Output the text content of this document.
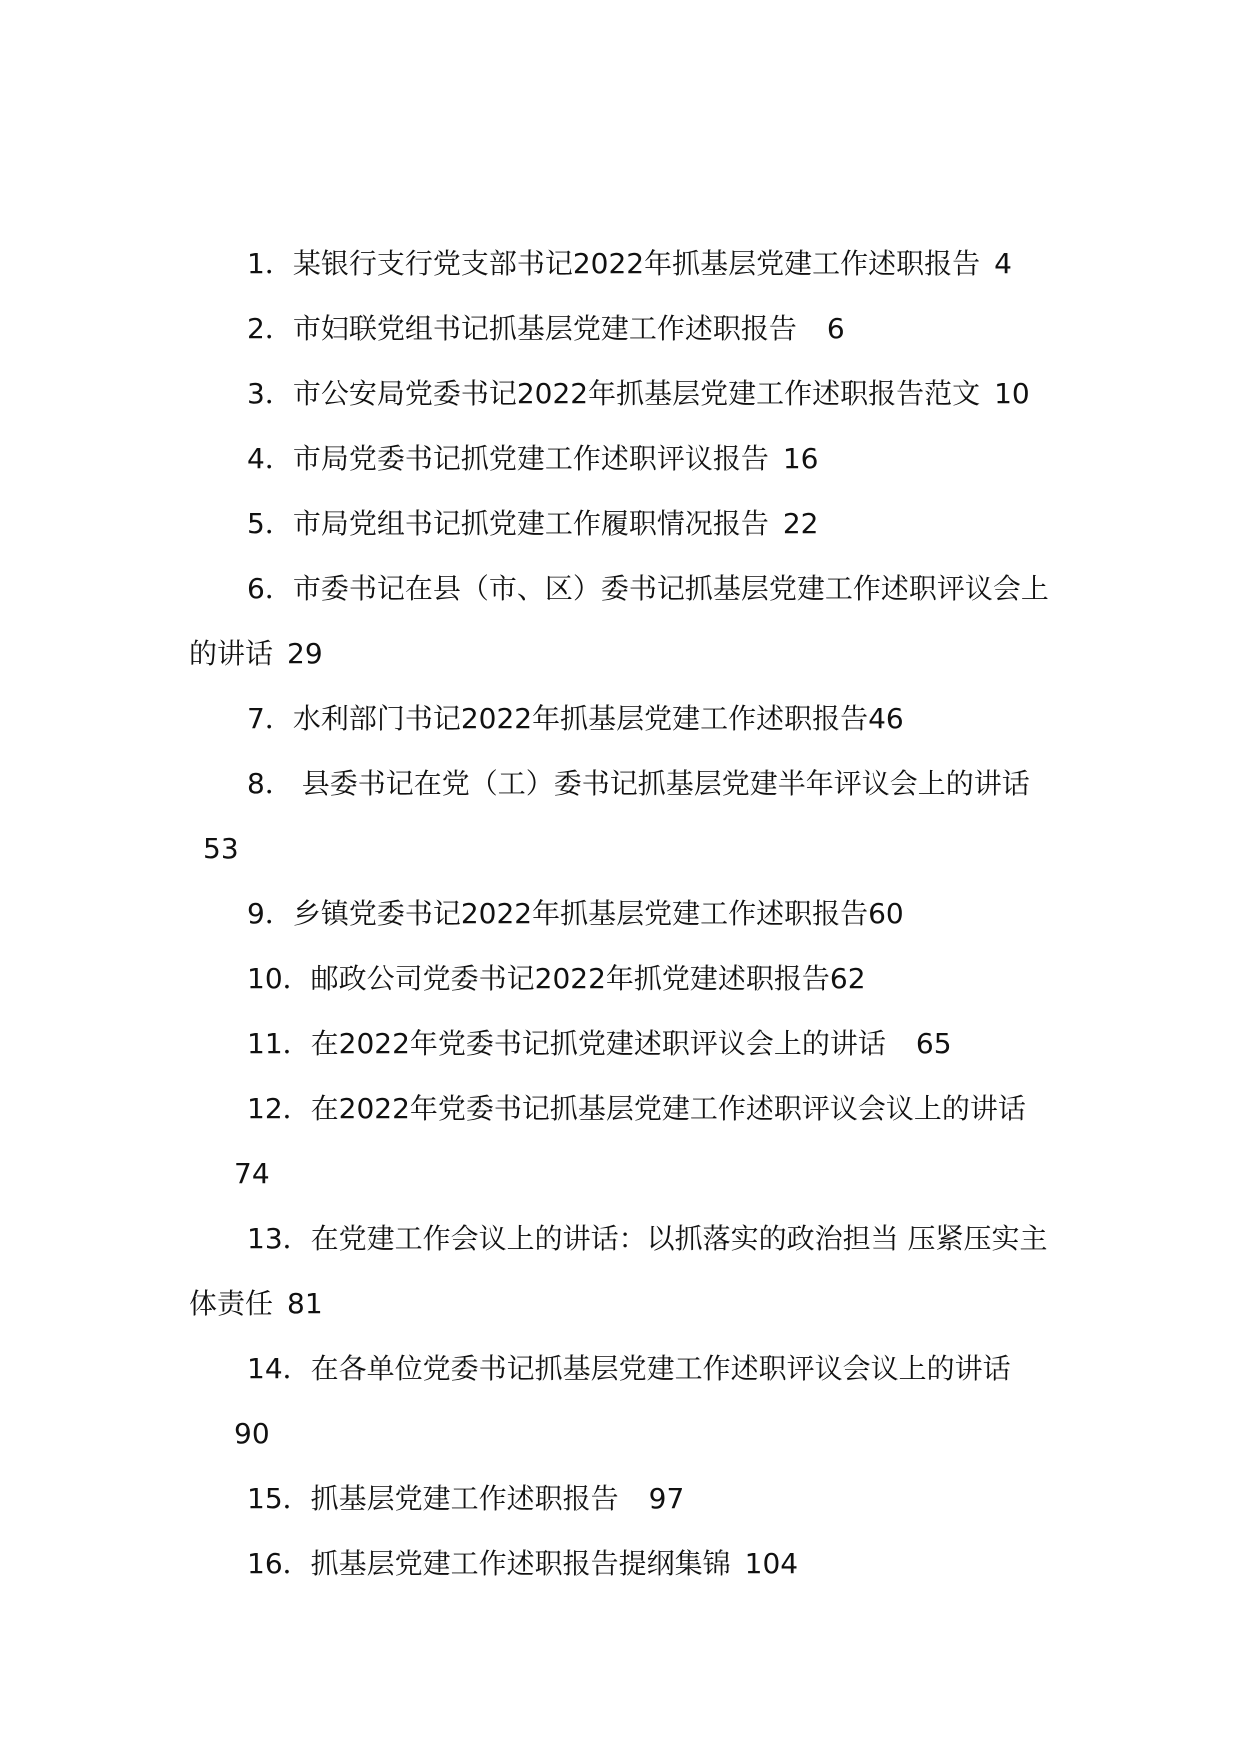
1．某银行支行党支部书记2022年抓基层党建工作述职报告 4

2．市妇联党组书记抓基层党建工作述职报告 6

3．市公安局党委书记2022年抓基层党建工作述职报告范文 10

4．市局党委书记抓党建工作述职评议报告 16

5．市局党组书记抓党建工作履职情况报告 22

6．市委书记在县（市、区）委书记抓基层党建工作述职评议会上的讲话 29

7．水利部门书记2022年抓基层党建工作述职报告46

8． 县委书记在党（工）委书记抓基层党建半年评议会上的讲话53

9．乡镇党委书记2022年抓基层党建工作述职报告60

10．邮政公司党委书记2022年抓党建述职报告62

11．在2022年党委书记抓党建述职评议会上的讲话 65

12．在2022年党委书记抓基层党建工作述职评议会议上的讲话
74

13．在党建工作会议上的讲话：以抓落实的政治担当 压紧压实主体责任 81

14．在各单位党委书记抓基层党建工作述职评议会议上的讲话
90

15．抓基层党建工作述职报告 97

16．抓基层党建工作述职报告提纲集锦 104
